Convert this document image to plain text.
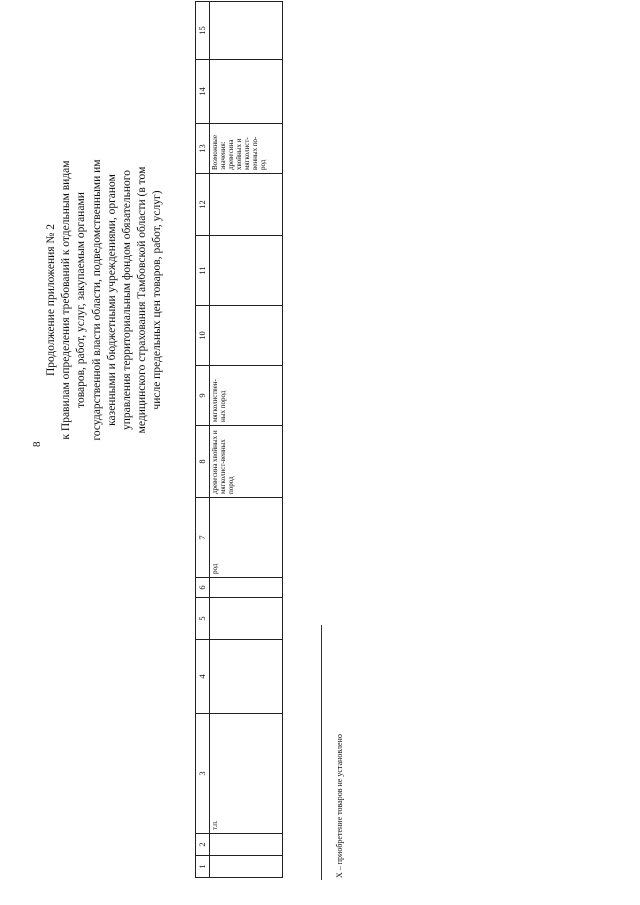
8
Продолжение приложения № 2 к Правилам определения требований к отдельным видам товаров, работ, услуг, закупаемым органами государственной власти области, подведомственными им казенными и бюджетными учреждениями, органом управления территориальным фондом обязательного медицинского страхования Тамбовской области (в том числе предельных цен товаров, работ, услуг)
1	2	3	4	5	6	7	8	9	10	11	12	13	14	15
		т.п.				род	древесина хвойных и мягколист-венных пород	мягколиствен-ных пород				Возможные значения: древесина хвойных и мягколист-венных по-род		
Х – приобретение товаров не установлено
